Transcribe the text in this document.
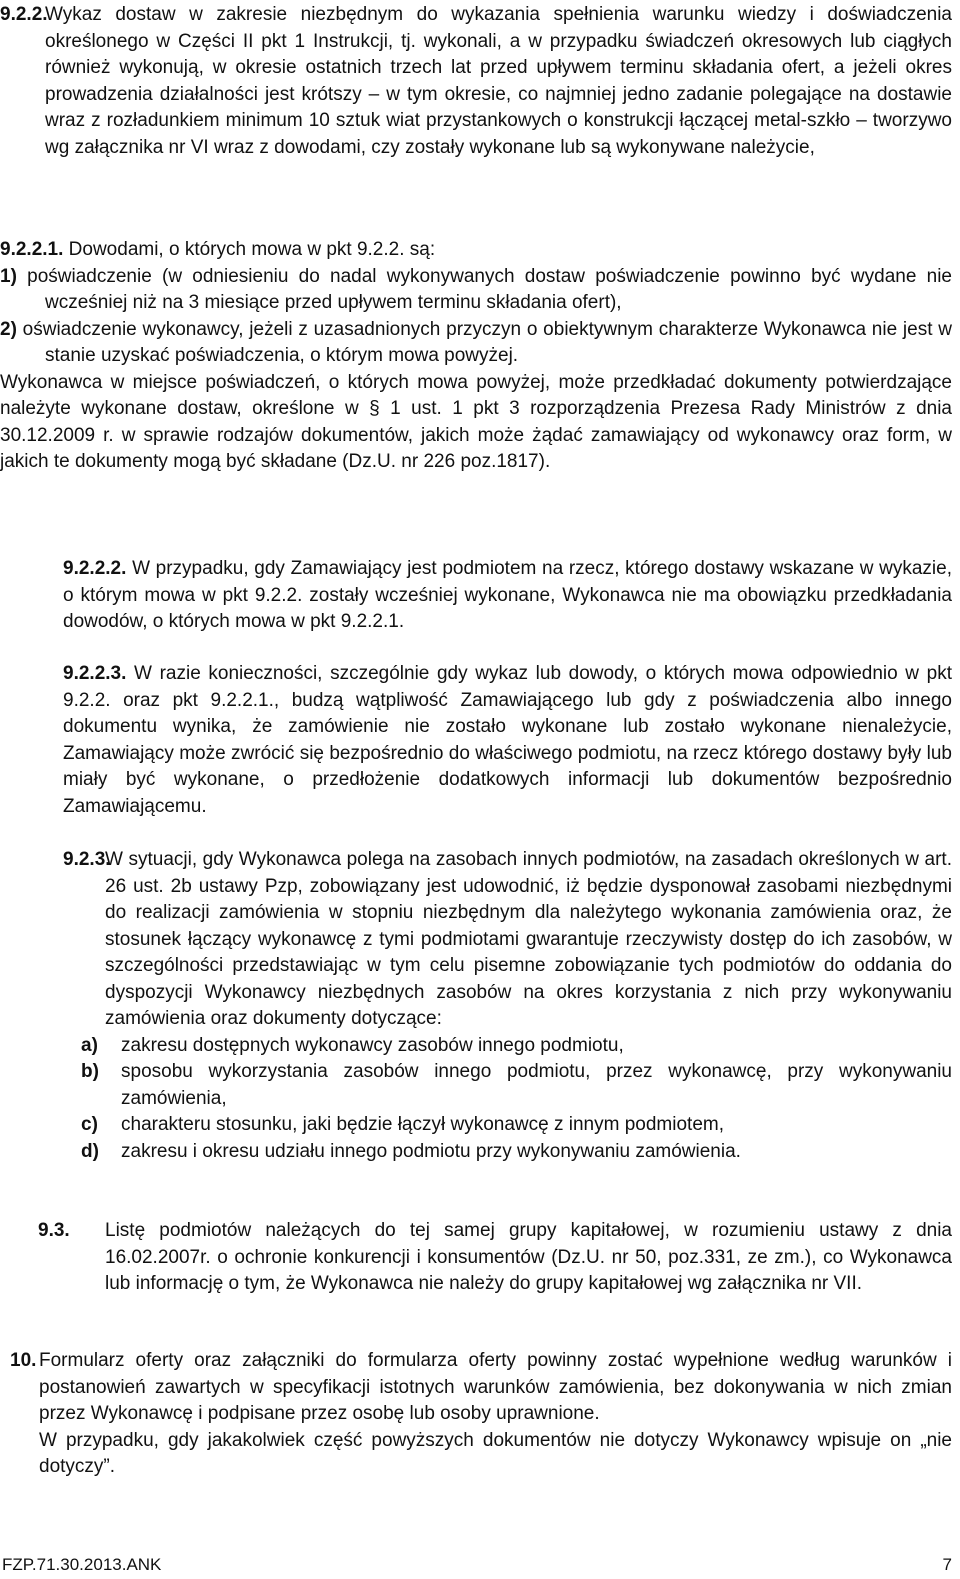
9.2.2.

Wykaz dostaw w zakresie niezbędnym do wykazania spełnienia warunku wiedzy i doświadczenia określonego w Części II pkt 1 Instrukcji, tj. wykonali, a w przypadku świadczeń okresowych lub ciągłych również wykonują, w okresie ostatnich trzech lat przed upływem terminu składania ofert, a jeżeli okres prowadzenia działalności jest krótszy – w tym okresie, co najmniej jedno zadanie polegające na dostawie wraz z rozładunkiem minimum 10 sztuk wiat przystankowych o konstrukcji łączącej metal-szkło – tworzywo wg załącznika nr VI wraz z dowodami, czy zostały wykonane lub są wykonywane należycie,

9.2.2.1. Dowodami, o których mowa w pkt 9.2.2. są:

1) poświadczenie (w odniesieniu do nadal wykonywanych dostaw poświadczenie powinno być wydane nie wcześniej niż na 3 miesiące przed upływem terminu składania ofert),

2) oświadczenie wykonawcy, jeżeli z uzasadnionych przyczyn o obiektywnym charakterze Wykonawca nie jest w stanie uzyskać poświadczenia, o którym mowa powyżej.

Wykonawca w miejsce poświadczeń, o których mowa powyżej, może przedkładać dokumenty potwierdzające należyte wykonane dostaw, określone w § 1 ust. 1 pkt 3 rozporządzenia Prezesa Rady Ministrów z dnia 30.12.2009 r. w sprawie rodzajów dokumentów, jakich może żądać zamawiający od wykonawcy oraz form, w jakich te dokumenty mogą być składane (Dz.U. nr 226 poz.1817).

9.2.2.2. W przypadku, gdy Zamawiający jest podmiotem na rzecz, którego dostawy wskazane w wykazie, o którym mowa w pkt 9.2.2. zostały wcześniej wykonane, Wykonawca nie ma obowiązku przedkładania dowodów, o których mowa w pkt 9.2.2.1.

9.2.2.3. W razie konieczności, szczególnie gdy wykaz lub dowody, o których mowa odpowiednio w pkt 9.2.2. oraz pkt 9.2.2.1., budzą wątpliwość Zamawiającego lub gdy z poświadczenia albo innego dokumentu wynika, że zamówienie nie zostało wykonane lub zostało wykonane nienależycie, Zamawiający może zwrócić się bezpośrednio do właściwego podmiotu, na rzecz którego dostawy były lub miały być wykonane, o przedłożenie dodatkowych informacji lub dokumentów bezpośrednio Zamawiającemu.

9.2.3.

W sytuacji, gdy Wykonawca polega na zasobach innych podmiotów, na zasadach określonych w art. 26 ust. 2b ustawy Pzp, zobowiązany jest udowodnić, iż będzie dysponował zasobami niezbędnymi do realizacji zamówienia w stopniu niezbędnym dla należytego wykonania zamówienia oraz, że stosunek łączący wykonawcę z tymi podmiotami gwarantuje rzeczywisty dostęp do ich zasobów, w szczególności przedstawiając w tym celu pisemne zobowiązanie tych podmiotów do oddania do dyspozycji Wykonawcy niezbędnych zasobów na okres korzystania z nich przy wykonywaniu zamówienia oraz dokumenty dotyczące:

a) zakresu dostępnych wykonawcy zasobów innego podmiotu,

b) sposobu wykorzystania zasobów innego podmiotu, przez wykonawcę, przy wykonywaniu zamówienia,

c) charakteru stosunku, jaki będzie łączył wykonawcę z innym podmiotem,

d) zakresu i okresu udziału innego podmiotu przy wykonywaniu zamówienia.

9.3. Listę podmiotów należących do tej samej grupy kapitałowej, w rozumieniu ustawy z dnia 16.02.2007r. o ochronie konkurencji i konsumentów (Dz.U. nr 50, poz.331, ze zm.), co Wykonawca lub informację o tym, że Wykonawca nie należy do grupy kapitałowej wg załącznika nr VII.

10. Formularz oferty oraz załączniki do formularza oferty powinny zostać wypełnione według warunków i postanowień zawartych w specyfikacji istotnych warunków zamówienia, bez dokonywania w nich zmian przez Wykonawcę i podpisane przez osobę lub osoby uprawnione.

W przypadku, gdy jakakolwiek część powyższych dokumentów nie dotyczy Wykonawcy wpisuje on „nie dotyczy”.

FZP.71.30.2013.ANK	7
